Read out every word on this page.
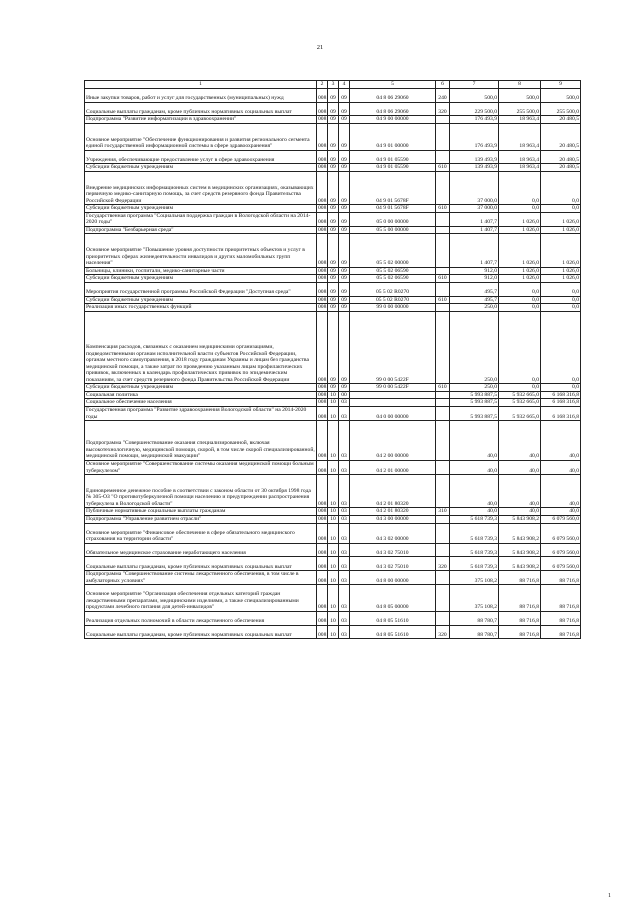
21
1	2	3	4	5	6	7	8	9
Иные закупки товаров, работ и услуг для государственных (муниципальных) нужд	008	09	09	04 8 06 29060	240	500,0	500,0	500,0
Социальные выплаты гражданам, кроме публичных нормативных социальных выплат	008	09	09	04 8 06 29060	320	229 500,0	255 500,0	255 500,0
Подпрограмма "Развитие информатизации в здравоохранении"	008	09	09	04 9 00 00000		176 493,9	18 963,4	20 480,5
Основное мероприятие "Обеспечение функционирования и развития регионального сегмента единой государственной информационной системы в сфере здравоохранения"	008	09	09	04 9 01 00000		176 493,9	18 963,4	20 480,5
Учреждения, обеспечивающие предоставление услуг в сфере здравоохранения	008	09	09	04 9 01 05590		139 493,9	18 963,4	20 480,5
Субсидии бюджетным учреждениям	008	09	09	04 9 01 05590	610	139 493,9	18 963,4	20 480,5
Внедрение медицинских информационных систем в медицинских организациях, оказывающих первичную медико-санитарную помощь, за счет средств резервного фонда Правительства Российской Федерации	008	09	09	04 9 01 5678F		37 000,0	0,0	0,0
Субсидии бюджетным учреждениям	008	09	09	04 9 01 5678F	610	37 000,0	0,0	0,0
Государственная программа "Социальная поддержка граждан в Вологодской области на 2014-2020 годы"	008	09	09	05 0 00 00000		1 407,7	1 026,0	1 026,0
Подпрограмма "Безбарьерная среда"	008	09	09	05 5 00 00000		1 407,7	1 026,0	1 026,0
Основное мероприятие "Повышение уровня доступности приоритетных объектов и услуг в приоритетных сферах жизнедеятельности инвалидов и других маломобильных групп населения"	008	09	09	05 5 02 00000		1 407,7	1 026,0	1 026,0
Больницы, клиники, госпитали, медико-санитарные части	008	09	09	05 5 02 06590		912,0	1 026,0	1 026,0
Субсидии бюджетным учреждениям	008	09	09	05 5 02 06590	610	912,0	1 026,0	1 026,0
Мероприятия государственной программы Российской Федерации "Доступная среда"	008	09	09	05 5 02 R0270		495,7	0,0	0,0
Субсидии бюджетным учреждениям	008	09	09	05 5 02 R0270	610	495,7	0,0	0,0
Реализация иных государственных функций	008	09	09	99 0 00 00000		250,0	0,0	0,0
Компенсация расходов, связанных с оказанием медицинскими организациями, подведомственными органам исполнительной власти субъектов Российской Федерации, органам местного самоуправления, в 2018 году гражданам Украины и лицам без гражданства медицинской помощи, а также затрат по проведению указанным лицам профилактических прививок, включенных в календарь профилактических прививок по эпидемическим показаниям, за счет средств резервного фонда Правительства Российской Федерации	008	09	09	99 0 00 5422F		250,0	0,0	0,0
Субсидии бюджетным учреждениям	008	09	09	99 0 00 5422F	610	250,0	0,0	0,0
Социальная политика	008	10	00			5 993 887,5	5 932 665,0	6 168 316,8
Социальное обеспечение населения	008	10	03			5 993 887,5	5 932 665,0	6 168 316,8
Государственная программа "Развитие здравоохранения Вологодской области" на 2014-2020 годы	008	10	03	04 0 00 00000		5 993 887,5	5 932 665,0	6 168 316,8
Подпрограмма "Совершенствование оказания специализированной, включая высокотехнологичную, медицинской помощи, скорой, в том числе скорой специализированной, медицинской помощи, медицинской эвакуации"	008	10	03	04 2 00 00000		40,0	40,0	40,0
Основное мероприятие "Совершенствование системы оказания медицинской помощи больным туберкулезом"	008	10	03	04 2 01 00000		40,0	40,0	40,0
Единовременное денежное пособие в соответствии с законом области от 30 октября 1998 года № 305-ОЗ "О противотуберкулезной помощи населению и предупреждении распространения туберкулеза в Вологодской области"	008	10	03	04 2 01 80320		40,0	40,0	40,0
Публичные нормативные социальные выплаты гражданам	008	10	03	04 2 01 80320	310	40,0	40,0	40,0
Подпрограмма "Управление развитием отрасли"	008	10	03	04 3 00 00000		5 618 739,3	5 843 908,2	6 079 560,0
Основное мероприятие "Финансовое обеспечение в сфере обязательного медицинского страхования на территории области"	008	10	03	04 3 02 00000		5 618 739,3	5 843 908,2	6 079 560,0
Обязательное медицинское страхование неработающего населения	008	10	03	04 3 02 75010		5 618 739,3	5 843 908,2	6 079 560,0
Социальные выплаты гражданам, кроме публичных нормативных социальных выплат	008	10	03	04 3 02 75010	320	5 618 739,3	5 843 908,2	6 079 560,0
Подпрограмма "Совершенствование системы лекарственного обеспечения, в том числе в амбулаторных условиях"	008	10	03	04 8 00 00000		375 108,2	88 716,8	88 716,8
Основное мероприятие "Организация обеспечения отдельных категорий граждан лекарственными препаратами, медицинскими изделиями, а также специализированными продуктами лечебного питания для детей-инвалидов"	008	10	03	04 8 05 00000		375 108,2	88 716,8	88 716,8
Реализация отдельных полномочий в области лекарственного обеспечения	008	10	03	04 8 05 51610		88 780,7	88 716,8	88 716,8
Социальные выплаты гражданам, кроме публичных нормативных социальных выплат	008	10	03	04 8 05 51610	320	88 780,7	88 716,8	88 716,8
1
